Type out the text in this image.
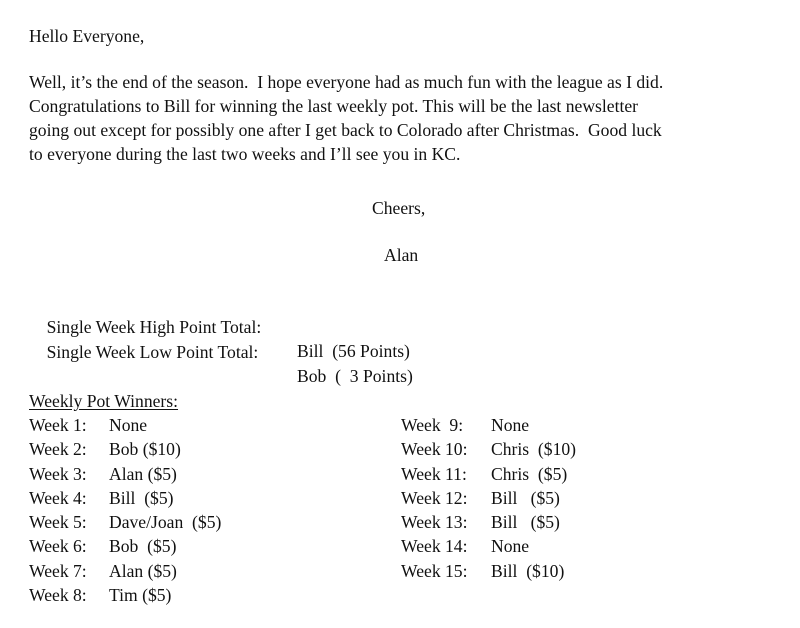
Hello Everyone,

Well, it’s the end of the season.  I hope everyone had as much fun with the league as I did.

Congratulations to Bill for winning the last weekly pot. This will be the last newsletter

going out except for possibly one after I get back to Colorado after Christmas.  Good luck

to everyone during the last two weeks and I’ll see you in KC.

Cheers,
Alan

Single Week High Point Total:

Bill  (56 Points)

Single Week Low Point Total:

Bob  (  3 Points)

Weekly Pot Winners:
Week 1: None
Week 2: Bob ($10)
Week 3: Alan ($5)
Week 4: Bill  ($5)
Week 5: Dave/Joan  ($5)
Week 6: Bob  ($5)
Week 7: Alan ($5)
Week 8: Tim ($5)
Week  9: None
Week 10: Chris  ($10)
Week 11: Chris  ($5)
Week 12: Bill   ($5)
Week 13: Bill   ($5)
Week 14: None
Week 15: Bill  ($10)
